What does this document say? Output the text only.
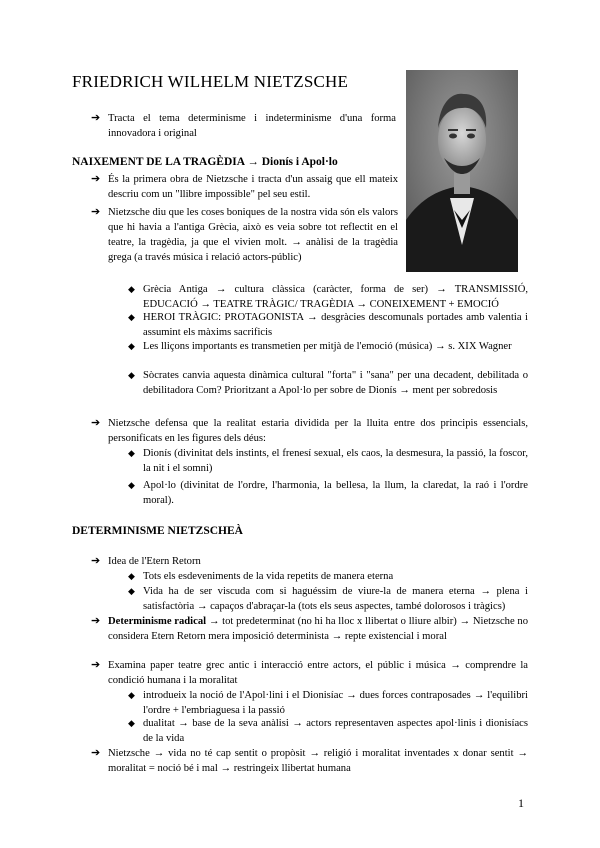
FRIEDRICH WILHELM NIETZSCHE
➔ Tracta el tema determinisme i indeterminisme d'una forma innovadora i original
NAIXEMENT DE LA TRAGÈDIA → Dionís i Apol·lo
➔ És la primera obra de Nietzsche i tracta d'un assaig que ell mateix descriu com un "llibre impossible" pel seu estil.
➔ Nietzsche diu que les coses boniques de la nostra vida són els valors que hi havia a l'antiga Grècia, això es veia sobre tot reflectit en el teatre, la tragèdia, ja que el vivien molt. → anàlisi de la tragèdia grega (a través música i relació actors-públic)
◆ Grècia Antiga → cultura clàssica (caràcter, forma de ser) → TRANSMISSIÓ, EDUCACIÓ → TEATRE TRÀGIC/ TRAGÈDIA → CONEIXEMENT + EMOCIÓ
◆ HEROI TRÀGIC: PROTAGONISTA → desgràcies descomunals portades amb valentia i assumint els màxims sacrificis
◆ Les lliçons importants es transmetien per mitjà de l'emoció (música) → s. XIX Wagner
◆ Sòcrates canvia aquesta dinàmica cultural "forta" i "sana" per una decadent, debilitada o debilitadora Com? Prioritzant a Apol·lo per sobre de Dionís → ment per sobredosis
➔ Nietzsche defensa que la realitat estaria dividida per la lluita entre dos principis essencials, personificats en les figures dels déus:
◆ Dionís (divinitat dels instints, el frenesí sexual, els caos, la desmesura, la passió, la foscor, la nit i el somni)
◆ Apol·lo (divinitat de l'ordre, l'harmonia, la bellesa, la llum, la claredat, la raó i l'ordre moral).
DETERMINISME NIETZSCHEÀ
➔ Idea de l'Etern Retorn
◆ Tots els esdeveniments de la vida repetits de manera eterna
◆ Vida ha de ser viscuda com si haguéssim de viure-la de manera eterna → plena i satisfactòria → capaços d'abraçar-la (tots els seus aspectes, també dolorosos i tràgics)
➔ Determinisme radical → tot predeterminat (no hi ha lloc x llibertat o lliure albir) → Nietzsche no considera Etern Retorn mera imposició determinista → repte existencial i moral
➔ Examina paper teatre grec antic i interacció entre actors, el públic i música → comprendre la condició humana i la moralitat
◆ introdueix la noció de l'Apol·lini i el Dionisíac → dues forces contraposades → l'equilibri l'ordre + l'embriaguesa i la passió
◆ dualitat → base de la seva anàlisi → actors representaven aspectes apol·linis i dionisíacs de la vida
➔ Nietzsche → vida no té cap sentit o propòsit → religió i moralitat inventades x donar sentit → moralitat = noció bé i mal → restringeix llibertat humana
1
